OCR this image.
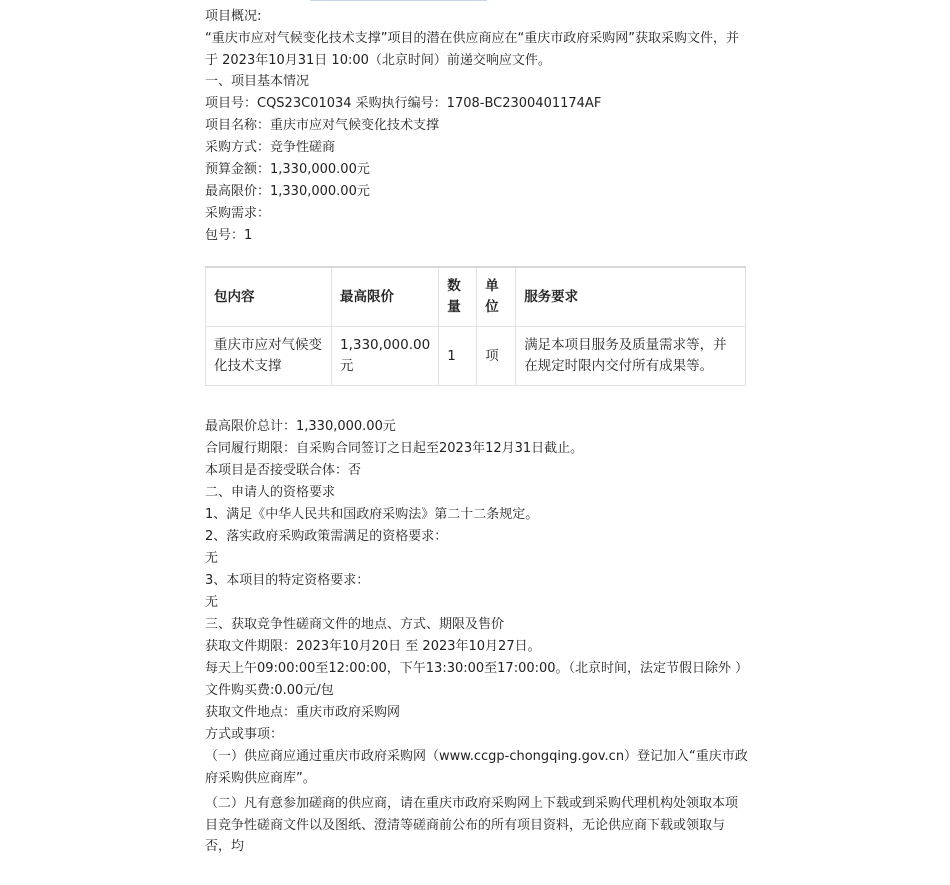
项目概况:

“重庆市应对气候变化技术支撑”项目的潜在供应商应在“重庆市政府采购网”获取采购文件，并于 2023年10月31日 10:00（北京时间）前递交响应文件。

一、项目基本情况

项目号：CQS23C01034 采购执行编号：1708-BC2300401174AF

项目名称：重庆市应对气候变化技术支撑

采购方式：竞争性磋商

预算金额：1,330,000.00元

最高限价：1,330,000.00元

采购需求：

包号：1

包内容	最高限价	数量	单位	服务要求
重庆市应对气候变化技术支撑	1,330,000.00元	1	项	满足本项目服务及质量需求等，并在规定时限内交付所有成果等。

最高限价总计：1,330,000.00元

合同履行期限：自采购合同签订之日起至2023年12月31日截止。

本项目是否接受联合体：否

二、申请人的资格要求

1、满足《中华人民共和国政府采购法》第二十二条规定。

2、落实政府采购政策需满足的资格要求：

无

3、本项目的特定资格要求：

无

三、获取竞争性磋商文件的地点、方式、期限及售价

获取文件期限：2023年10月20日 至 2023年10月27日。

每天上午09:00:00至12:00:00，下午13:30:00至17:00:00。（北京时间，法定节假日除外 ）

文件购买费:0.00元/包

获取文件地点：重庆市政府采购网

方式或事项：

（一）供应商应通过重庆市政府采购网（www.ccgp-chongqing.gov.cn）登记加入“重庆市政府采购供应商库”。

（二）凡有意参加磋商的供应商，请在重庆市政府采购网上下载或到采购代理机构处领取本项目竞争性磋商文件以及图纸、澄清等磋商前公布的所有项目资料，无论供应商下载或领取与否，均
